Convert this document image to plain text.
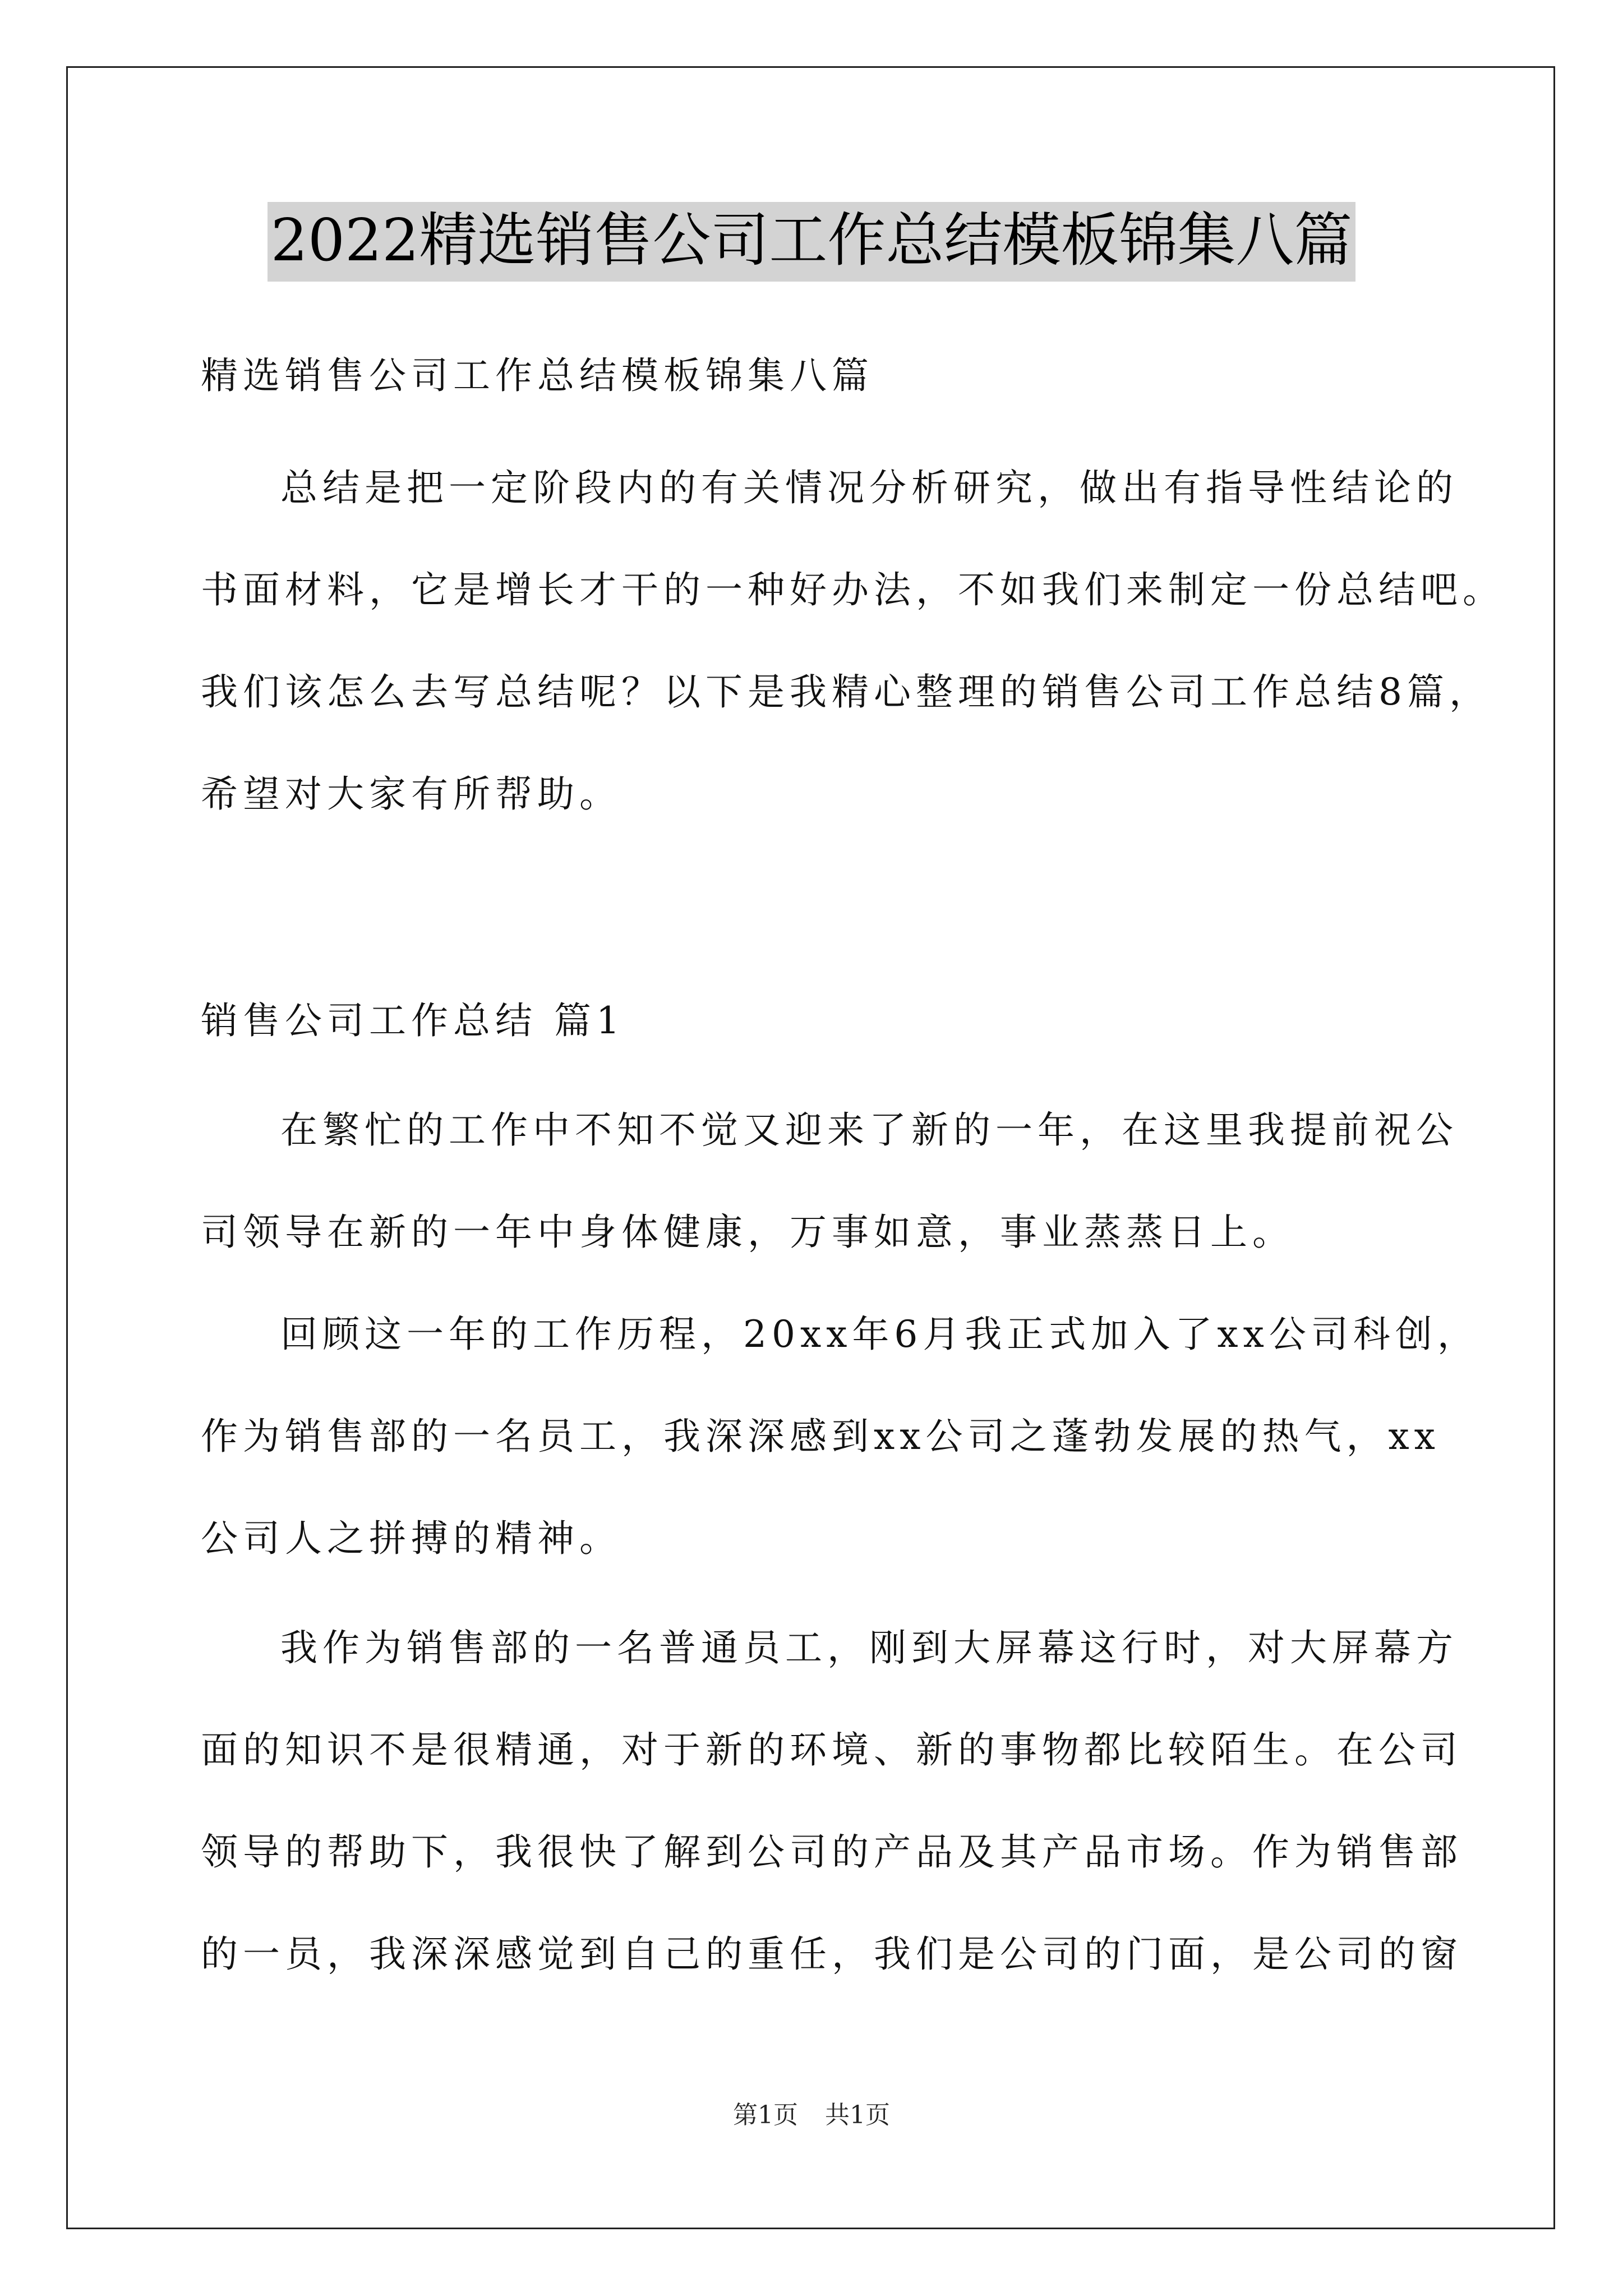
2022精选销售公司工作总结模板锦集八篇
精选销售公司工作总结模板锦集八篇
总结是把一定阶段内的有关情况分析研究，做出有指导性结论的
书面材料，它是增长才干的一种好办法，不如我们来制定一份总结吧。
我们该怎么去写总结呢？以下是我精心整理的销售公司工作总结8篇，
希望对大家有所帮助。
销售公司工作总结 篇1
在繁忙的工作中不知不觉又迎来了新的一年，在这里我提前祝公
司领导在新的一年中身体健康，万事如意，事业蒸蒸日上。
回顾这一年的工作历程，20xx年6月我正式加入了xx公司科创，
作为销售部的一名员工，我深深感到xx公司之蓬勃发展的热气，xx
公司人之拼搏的精神。
我作为销售部的一名普通员工，刚到大屏幕这行时，对大屏幕方
面的知识不是很精通，对于新的环境、新的事物都比较陌生。在公司
领导的帮助下，我很快了解到公司的产品及其产品市场。作为销售部
的一员，我深深感觉到自己的重任，我们是公司的门面，是公司的窗
第1页 共1页
